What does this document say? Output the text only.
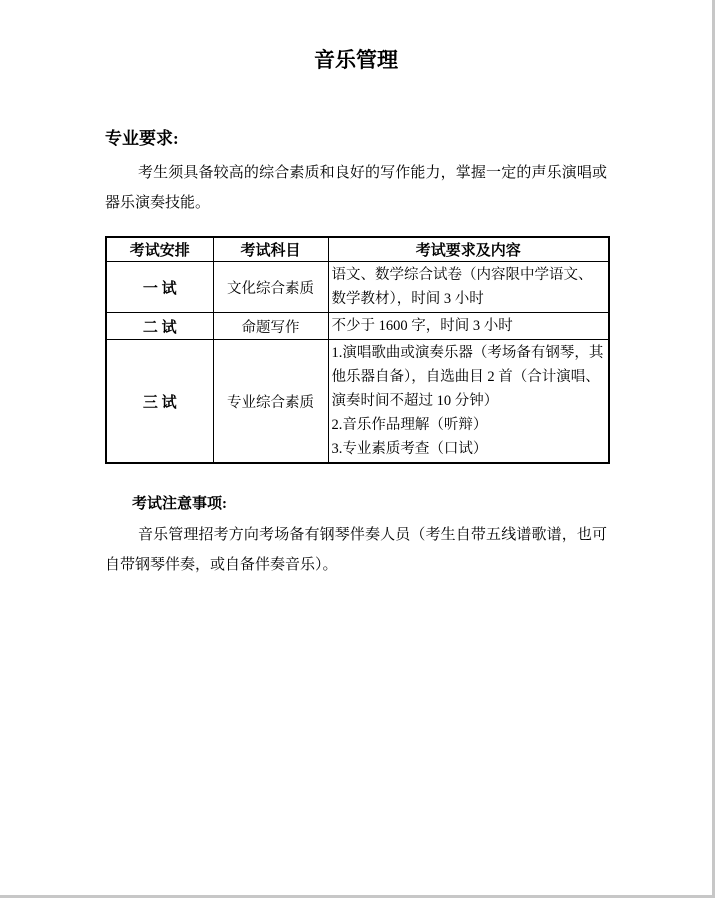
音乐管理
专业要求:

考生须具备较高的综合素质和良好的写作能力，掌握一定的声乐演唱或器乐演奏技能。

考试安排	考试科目	考试要求及内容
一 试	文化综合素质	语文、数学综合试卷（内容限中学语文、数学教材），时间 3 小时

二 试	命题写作	不少于 1600 字，时间 3 小时

三 试	专业综合素质	1.演唱歌曲或演奏乐器（考场备有钢琴，其他乐器自备），自选曲目 2 首（合计演唱、演奏时间不超过 10 分钟）
2.音乐作品理解（听辩）
3.专业素质考查（口试）
考试注意事项:

音乐管理招考方向考场备有钢琴伴奏人员（考生自带五线谱歌谱，也可自带钢琴伴奏，或自备伴奏音乐）。
